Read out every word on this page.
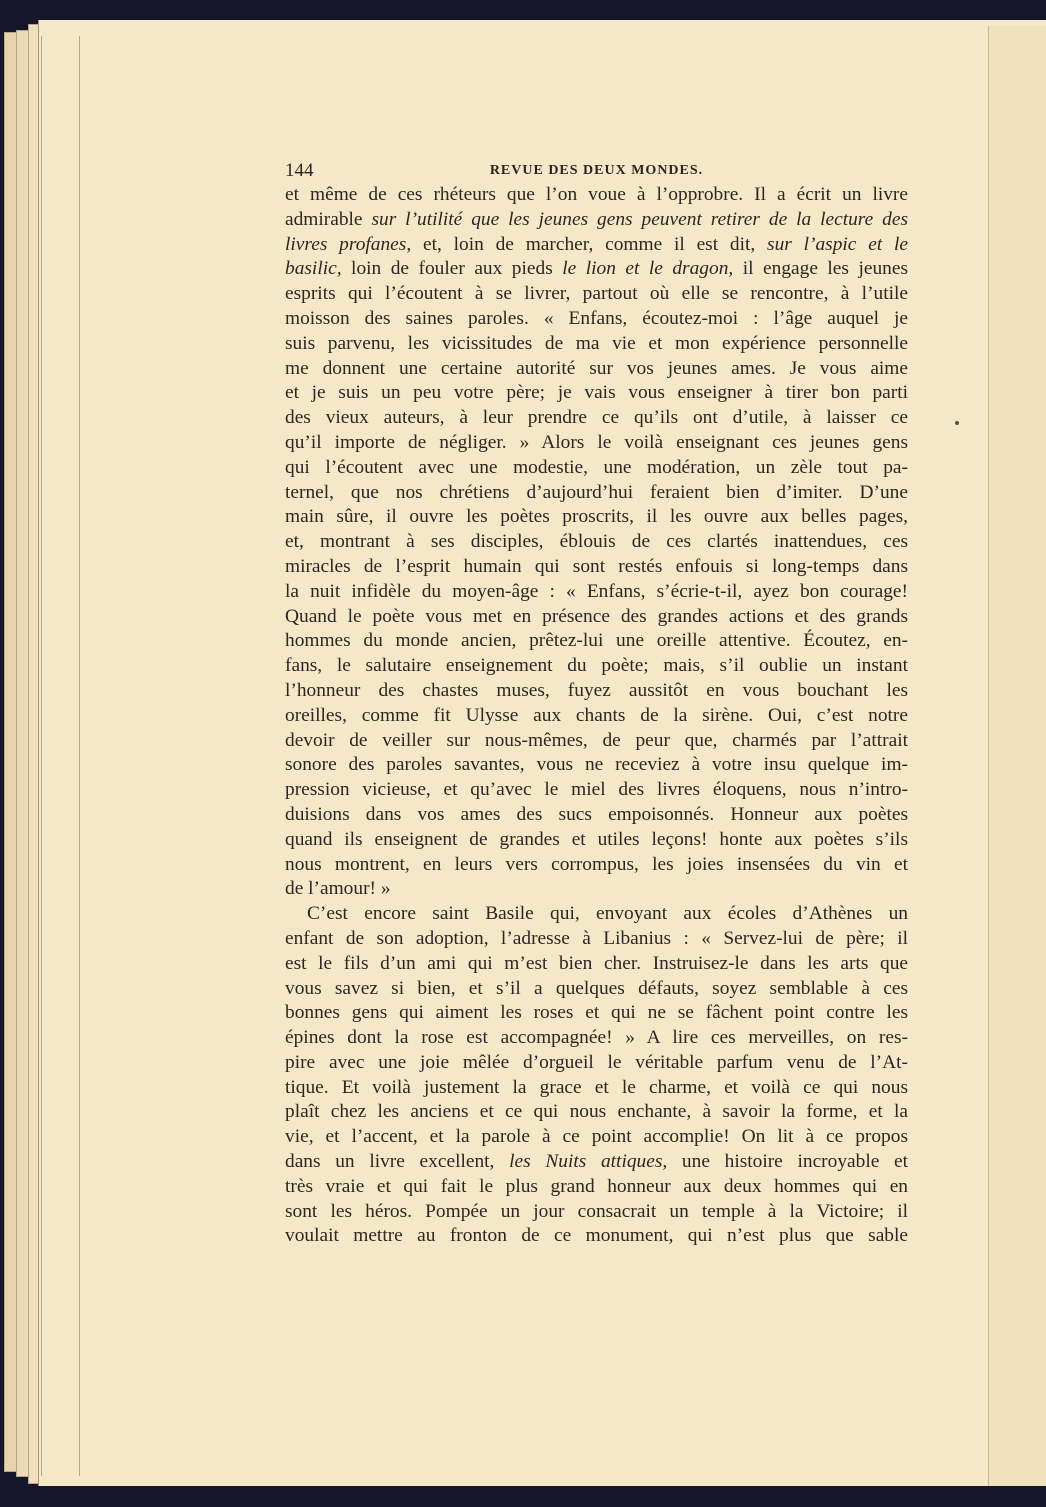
144	REVUE DES DEUX MONDES.
et même de ces rhéteurs que l’on voue à l’opprobre. Il a écrit un livre
admirable sur l’utilité que les jeunes gens peuvent retirer de la lecture des
livres profanes, et, loin de marcher, comme il est dit, sur l’aspic et le
basilic, loin de fouler aux pieds le lion et le dragon, il engage les jeunes
esprits qui l’écoutent à se livrer, partout où elle se rencontre, à l’utile
moisson des saines paroles. « Enfans, écoutez-moi : l’âge auquel je
suis parvenu, les vicissitudes de ma vie et mon expérience personnelle
me donnent une certaine autorité sur vos jeunes ames. Je vous aime
et je suis un peu votre père; je vais vous enseigner à tirer bon parti
des vieux auteurs, à leur prendre ce qu’ils ont d’utile, à laisser ce
qu’il importe de négliger. » Alors le voilà enseignant ces jeunes gens
qui l’écoutent avec une modestie, une modération, un zèle tout pa-
ternel, que nos chrétiens d’aujourd’hui feraient bien d’imiter. D’une
main sûre, il ouvre les poètes proscrits, il les ouvre aux belles pages,
et, montrant à ses disciples, éblouis de ces clartés inattendues, ces
miracles de l’esprit humain qui sont restés enfouis si long-temps dans
la nuit infidèle du moyen-âge : « Enfans, s’écrie-t-il, ayez bon courage!
Quand le poète vous met en présence des grandes actions et des grands
hommes du monde ancien, prêtez-lui une oreille attentive. Écoutez, en-
fans, le salutaire enseignement du poète; mais, s’il oublie un instant
l’honneur des chastes muses, fuyez aussitôt en vous bouchant les
oreilles, comme fit Ulysse aux chants de la sirène. Oui, c’est notre
devoir de veiller sur nous-mêmes, de peur que, charmés par l’attrait
sonore des paroles savantes, vous ne receviez à votre insu quelque im-
pression vicieuse, et qu’avec le miel des livres éloquens, nous n’intro-
duisions dans vos ames des sucs empoisonnés. Honneur aux poètes
quand ils enseignent de grandes et utiles leçons! honte aux poètes s’ils
nous montrent, en leurs vers corrompus, les joies insensées du vin et
de l’amour! »
C’est encore saint Basile qui, envoyant aux écoles d’Athènes un
enfant de son adoption, l’adresse à Libanius : « Servez-lui de père; il
est le fils d’un ami qui m’est bien cher. Instruisez-le dans les arts que
vous savez si bien, et s’il a quelques défauts, soyez semblable à ces
bonnes gens qui aiment les roses et qui ne se fâchent point contre les
épines dont la rose est accompagnée! » A lire ces merveilles, on res-
pire avec une joie mêlée d’orgueil le véritable parfum venu de l’At-
tique. Et voilà justement la grace et le charme, et voilà ce qui nous
plaît chez les anciens et ce qui nous enchante, à savoir la forme, et la
vie, et l’accent, et la parole à ce point accomplie! On lit à ce propos
dans un livre excellent, les Nuits attiques, une histoire incroyable et
très vraie et qui fait le plus grand honneur aux deux hommes qui en
sont les héros. Pompée un jour consacrait un temple à la Victoire; il
voulait mettre au fronton de ce monument, qui n’est plus que sable
